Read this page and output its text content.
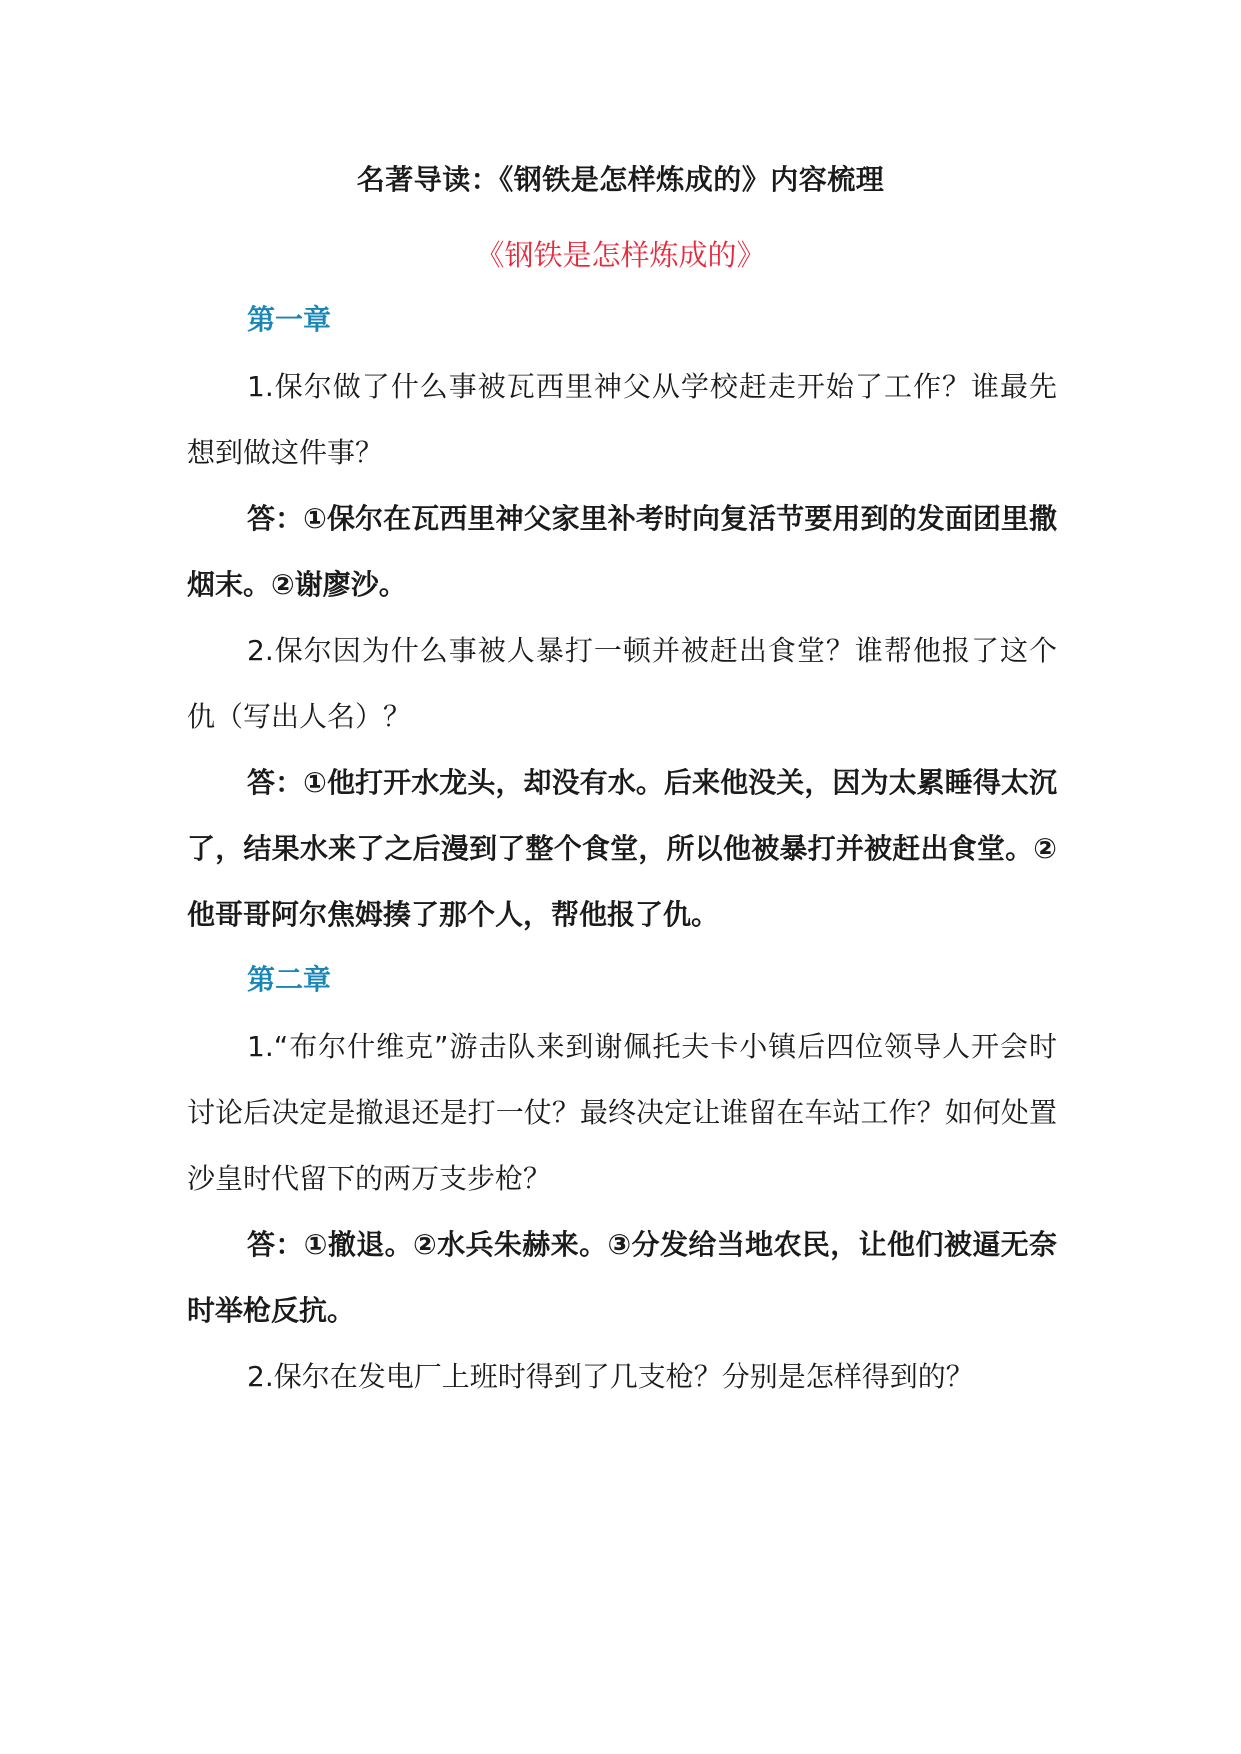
名著导读：《钢铁是怎样炼成的》内容梳理
《钢铁是怎样炼成的》
第一章

1.保尔做了什么事被瓦西里神父从学校赶走开始了工作？谁最先想到做这件事？

答：①保尔在瓦西里神父家里补考时向复活节要用到的发面团里撒烟末。②谢廖沙。

2.保尔因为什么事被人暴打一顿并被赶出食堂？谁帮他报了这个仇（写出人名）？

答：①他打开水龙头，却没有水。后来他没关，因为太累睡得太沉了，结果水来了之后漫到了整个食堂，所以他被暴打并被赶出食堂。②他哥哥阿尔焦姆揍了那个人，帮他报了仇。

第二章

1.“布尔什维克”游击队来到谢佩托夫卡小镇后四位领导人开会时讨论后决定是撤退还是打一仗？最终决定让谁留在车站工作？如何处置沙皇时代留下的两万支步枪？

答：①撤退。②水兵朱赫来。③分发给当地农民，让他们被逼无奈时举枪反抗。

2.保尔在发电厂上班时得到了几支枪？分别是怎样得到的？
